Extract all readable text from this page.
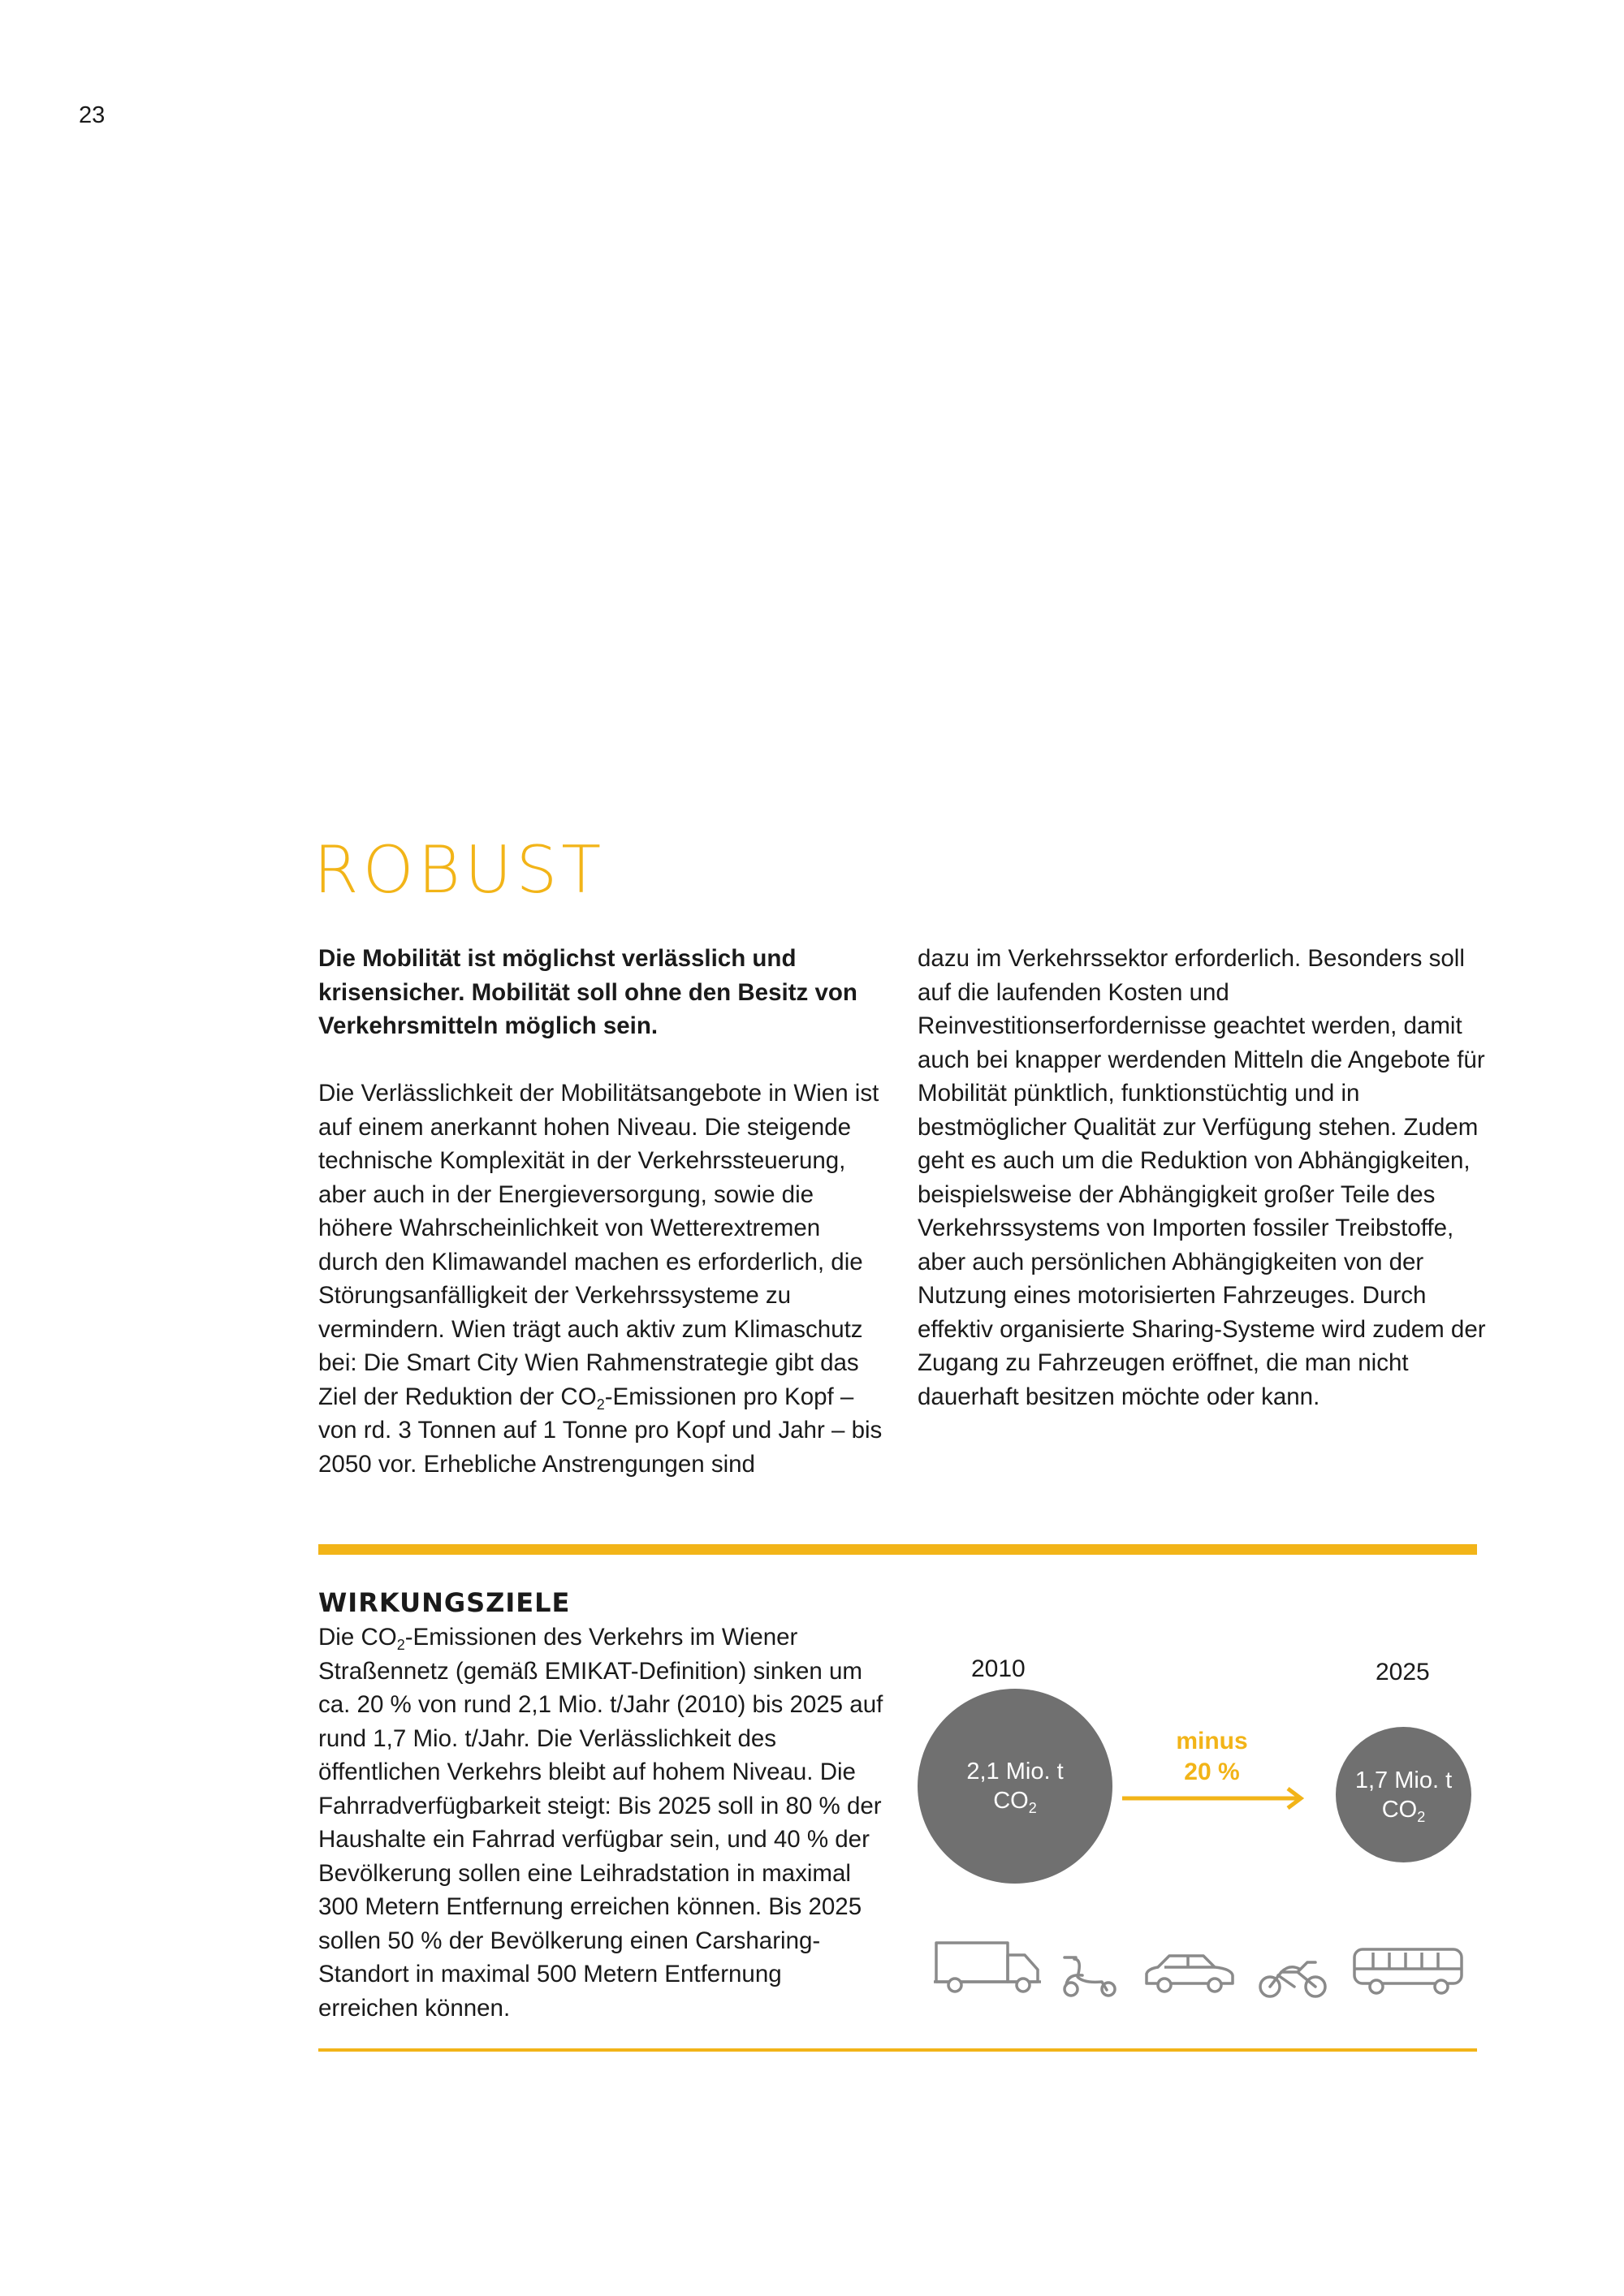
23
ROBUST

Die Mobilität ist möglichst verlässlich und krisensicher. Mobilität soll ohne den Besitz von Verkehrsmitteln möglich sein.

Die Verlässlichkeit der Mobilitätsangebote in Wien ist auf einem anerkannt hohen Niveau. Die steigende technische Komplexität in der Verkehrssteuerung, aber auch in der Energieversorgung, sowie die höhere Wahrscheinlichkeit von Wetterextremen durch den Klimawandel machen es erforderlich, die Störungsanfälligkeit der Verkehrssysteme zu vermindern. Wien trägt auch aktiv zum Klimaschutz bei: Die Smart City Wien Rahmenstrategie gibt das Ziel der Reduktion der $CO_2$-Emissionen pro Kopf – von rd. 3 Tonnen auf 1 Tonne pro Kopf und Jahr – bis 2050 vor. Erhebliche Anstrengungen sind

dazu im Verkehrssektor erforderlich. Besonders soll auf die laufenden Kosten und Reinvestitionserfordernisse geachtet werden, damit auch bei knapper werdenden Mitteln die Angebote für Mobilität pünktlich, funktionstüchtig und in bestmöglicher Qualität zur Verfügung stehen. Zudem geht es auch um die Reduktion von Abhängigkeiten, beispielsweise der Abhängigkeit großer Teile des Verkehrssystems von Importen fossiler Treibstoffe, aber auch persönlichen Abhängigkeiten von der Nutzung eines motorisierten Fahrzeuges. Durch effektiv organisierte Sharing-Systeme wird zudem der Zugang zu Fahrzeugen eröffnet, die man nicht dauerhaft besitzen möchte oder kann.

WIRKUNGSZIELE

Die $CO_2$-Emissionen des Verkehrs im Wiener Straßennetz (gemäß EMIKAT-Definition) sinken um ca. 20 % von rund 2,1 Mio. t/Jahr (2010) bis 2025 auf rund 1,7 Mio. t/Jahr. Die Verlässlichkeit des öffentlichen Verkehrs bleibt auf hohem Niveau. Die Fahrradverfügbarkeit steigt: Bis 2025 soll in 80 % der Haushalte ein Fahrrad verfügbar sein, und 40 % der Bevölkerung sollen eine Leihradstation in maximal 300 Metern Entfernung erreichen können. Bis 2025 sollen 50 % der Bevölkerung einen Carsharing-Standort in maximal 500 Metern Entfernung erreichen können.

2010	2025
2,1 Mio. t
$CO_2$
minus
20 %	1,7 Mio. t
$CO_2$
